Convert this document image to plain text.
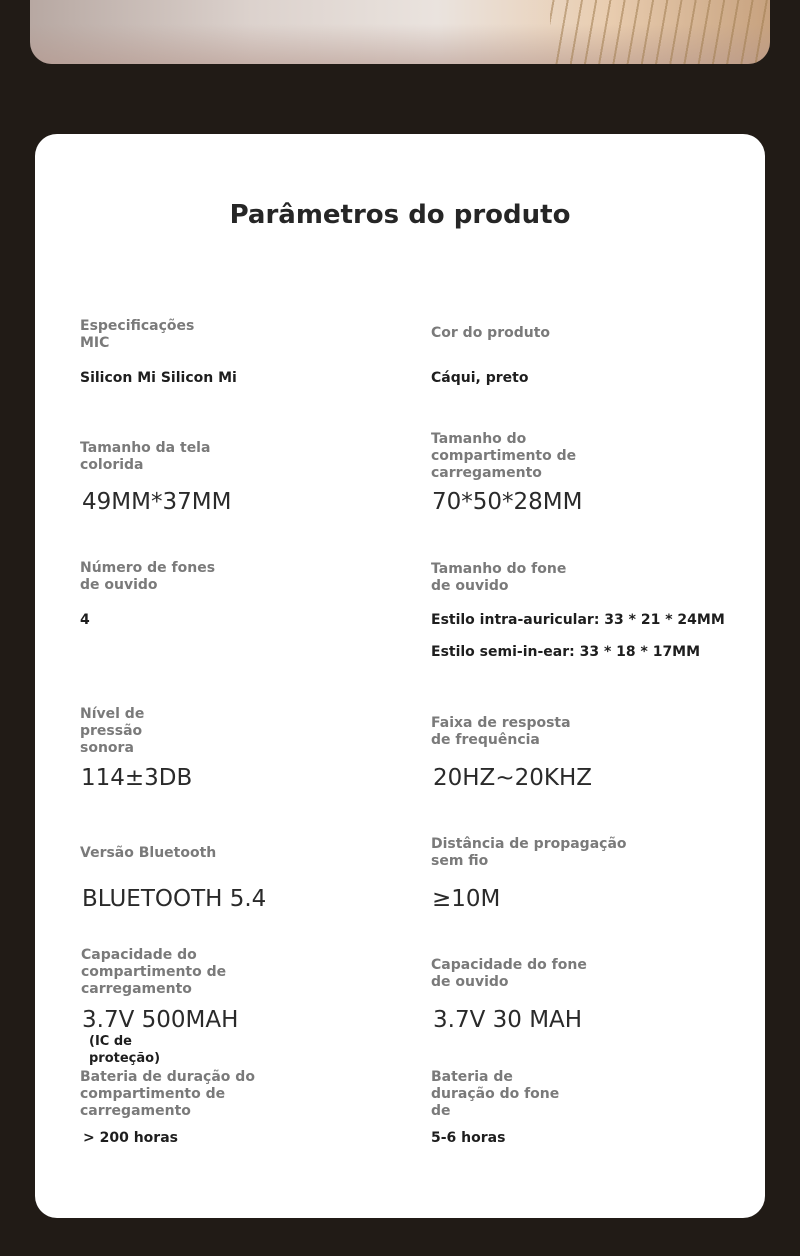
Parâmetros do produto
Especificações
MIC
Silicon Mi Silicon Mi
Cor do produto
Cáqui, preto
Tamanho da tela
colorida
49MM*37MM
Tamanho do
compartimento de
carregamento
70*50*28MM
Número de fones
de ouvido
4
Tamanho do fone
de ouvido
Estilo intra-auricular: 33 * 21 * 24MM
Estilo semi-in-ear: 33 * 18 * 17MM
Nível de
pressão
sonora
114±3DB
Faixa de resposta
de frequência
20HZ~20KHZ
Versão Bluetooth
BLUETOOTH 5.4
Distância de propagação
sem fio
≥10M
Capacidade do
compartimento de
carregamento
3.7V 500MAH
(IC de
proteção)
Capacidade do fone
de ouvido
3.7V 30 MAH
Bateria de duração do
compartimento de
carregamento
> 200 horas
Bateria de
duração do fone
de
5-6 horas
